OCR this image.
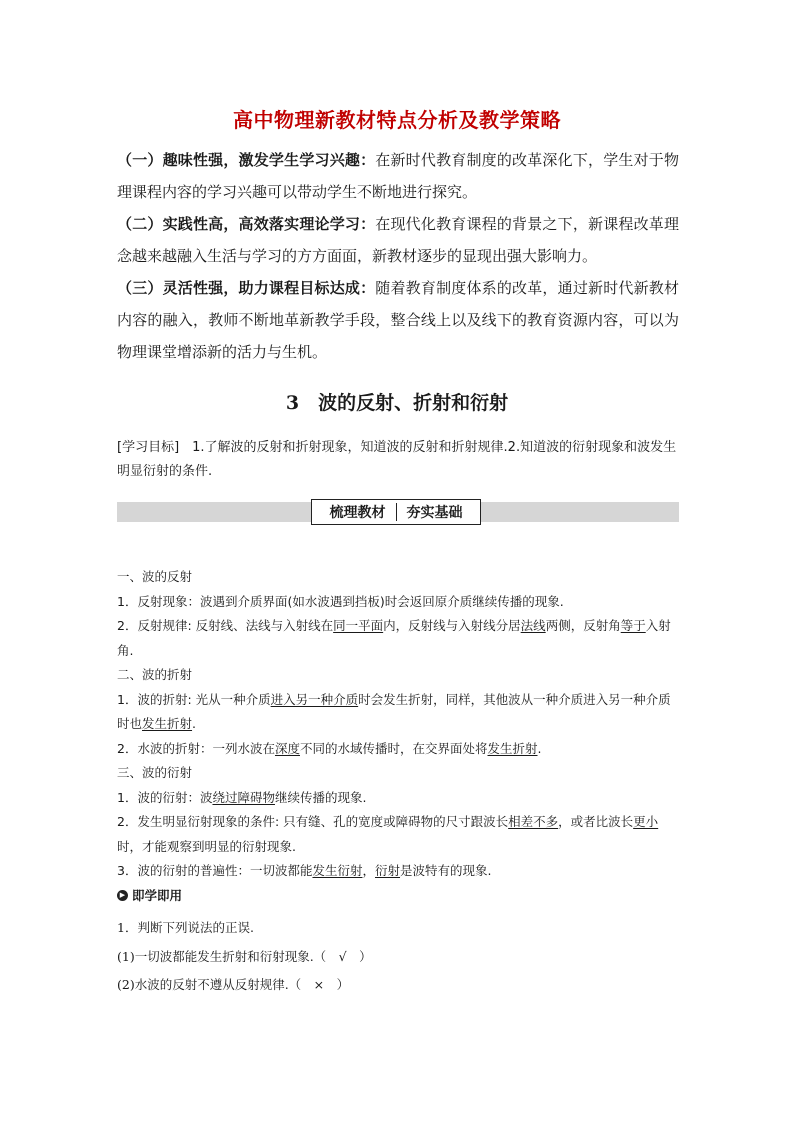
高中物理新教材特点分析及教学策略

（一）趣味性强，激发学生学习兴趣：在新时代教育制度的改革深化下，学生对于物理课程内容的学习兴趣可以带动学生不断地进行探究。

（二）实践性高，高效落实理论学习：在现代化教育课程的背景之下，新课程改革理念越来越融入生活与学习的方方面面，新教材逐步的显现出强大影响力。

（三）灵活性强，助力课程目标达成：随着教育制度体系的改革，通过新时代新教材内容的融入，教师不断地革新教学手段，整合线上以及线下的教育资源内容，可以为物理课堂增添新的活力与生机。

3　波的反射、折射和衍射
[学习目标]　1.了解波的反射和折射现象，知道波的反射和折射规律.2.知道波的衍射现象和波发生明显衍射的条件.
梳理教材 夯实基础

一、波的反射

1．反射现象：波遇到介质界面(如水波遇到挡板)时会返回原介质继续传播的现象.

2．反射规律: 反射线、法线与入射线在同一平面内，反射线与入射线分居法线两侧，反射角等于入射角.

二、波的折射

1．波的折射: 光从一种介质进入另一种介质时会发生折射，同样，其他波从一种介质进入另一种介质时也发生折射.

2．水波的折射：一列水波在深度不同的水域传播时，在交界面处将发生折射.

三、波的衍射

1．波的衍射：波绕过障碍物继续传播的现象.

2．发生明显衍射现象的条件: 只有缝、孔的宽度或障碍物的尺寸跟波长相差不多，或者比波长更小时，才能观察到明显的衍射现象.

3．波的衍射的普遍性：一切波都能发生衍射，衍射是波特有的现象.

▶ 即学即用

1．判断下列说法的正误.

(1)一切波都能发生折射和衍射现象.（　√　）

(2)水波的反射不遵从反射规律.（　×　）
